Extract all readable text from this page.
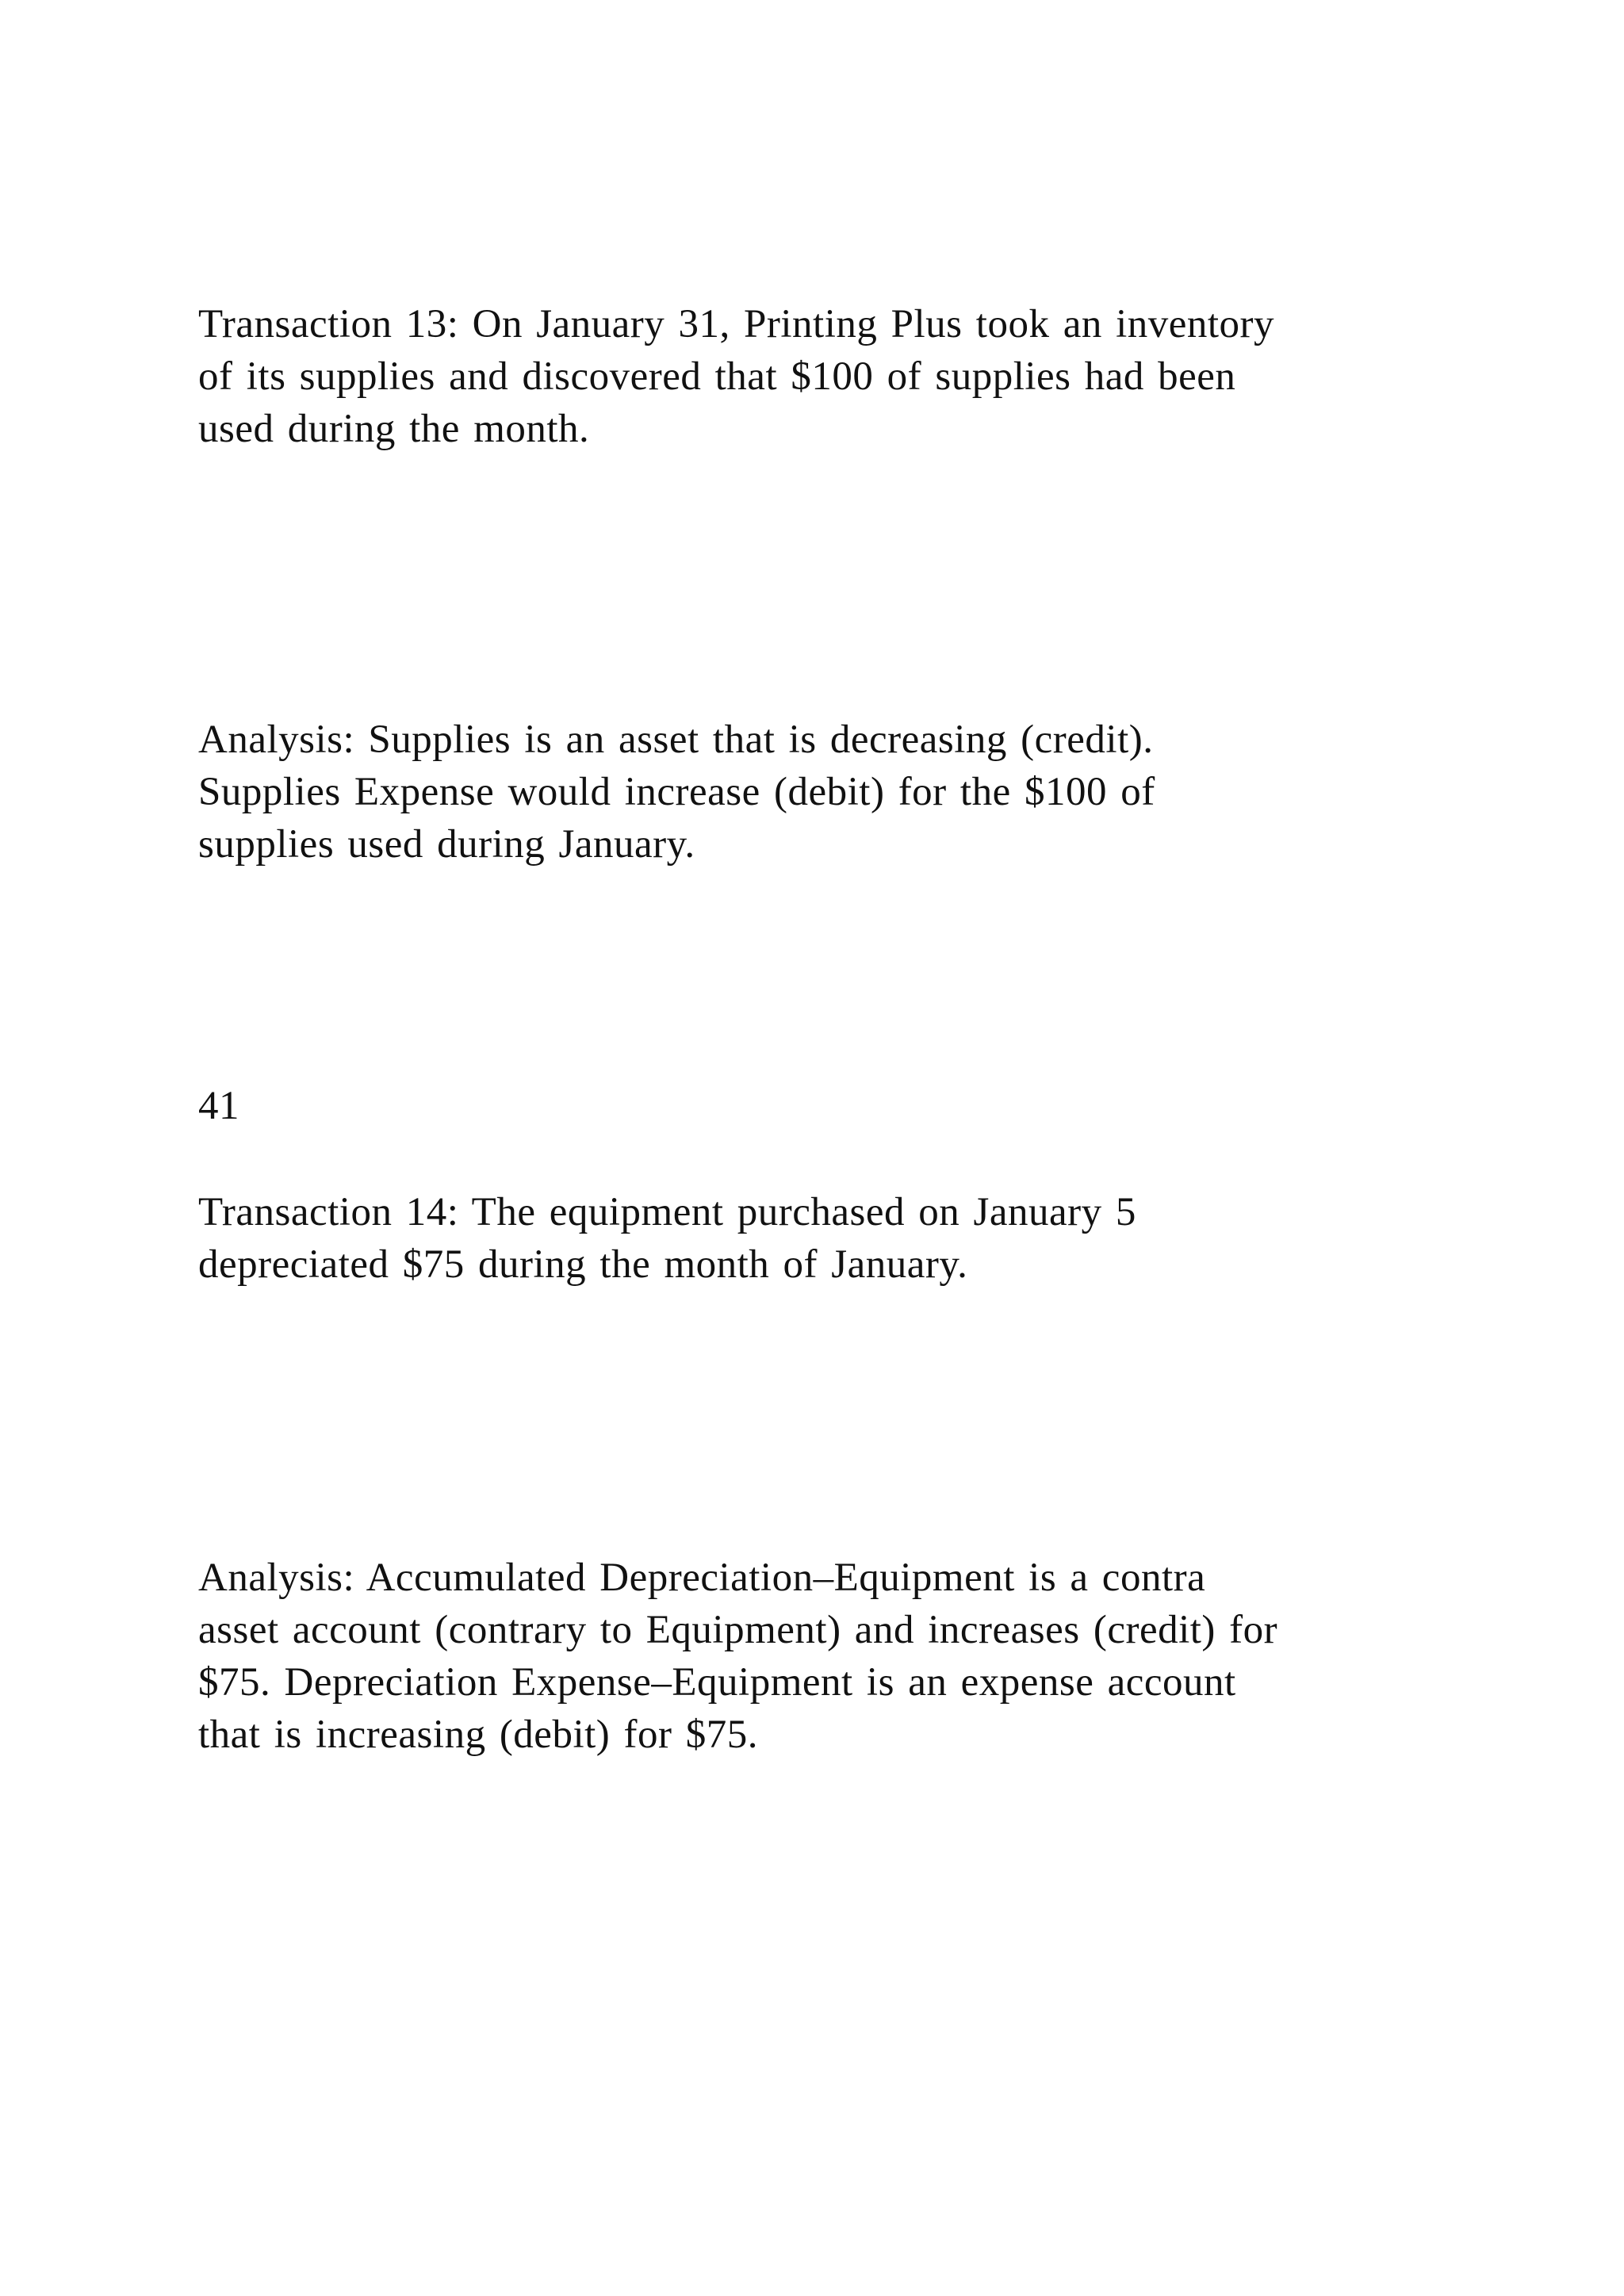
Transaction 13: On January 31, Printing Plus took an inventory
of its supplies and discovered that $100 of supplies had been
used during the month.

Analysis: Supplies is an asset that is decreasing (credit).
Supplies Expense would increase (debit) for the $100 of
supplies used during January.

41

Transaction 14: The equipment purchased on January 5
depreciated $75 during the month of January.

Analysis: Accumulated Depreciation–Equipment is a contra
asset account (contrary to Equipment) and increases (credit) for
$75. Depreciation Expense–Equipment is an expense account
that is increasing (debit) for $75.
